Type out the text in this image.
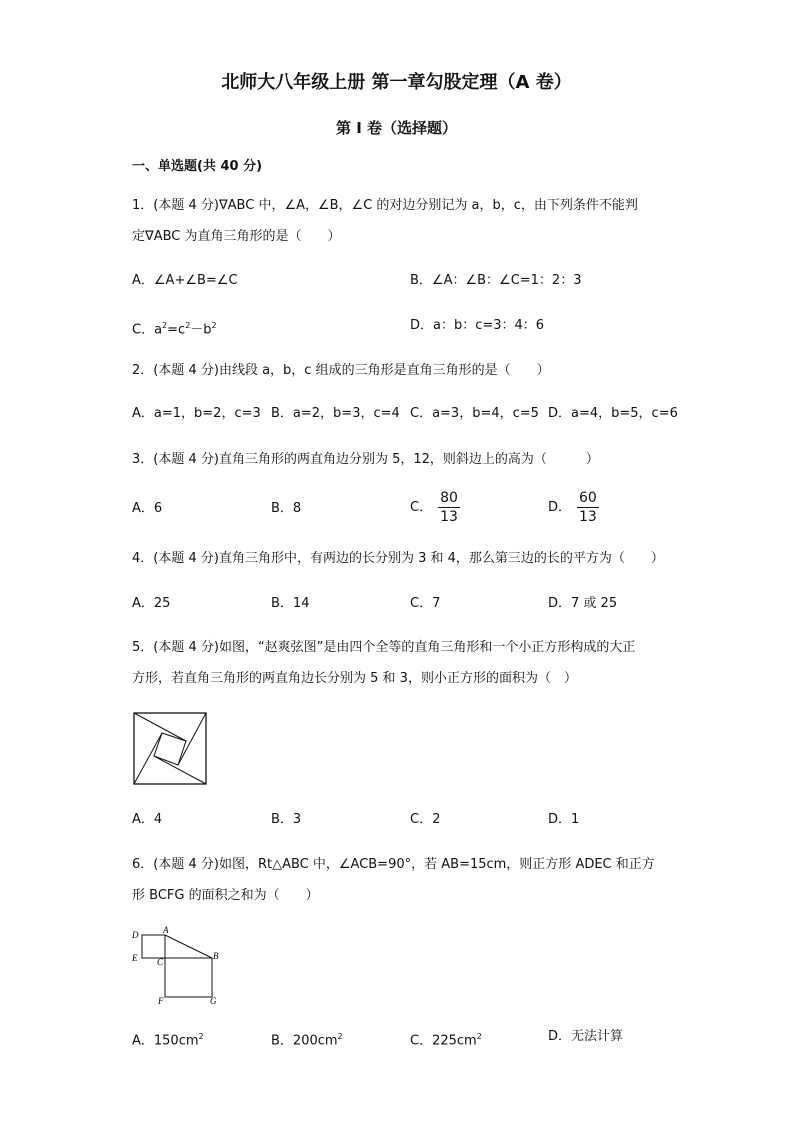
北师大八年级上册 第一章勾股定理（A 卷）
第 I 卷（选择题）
一、单选题(共 40 分)
1．(本题 4 分)∇ABC 中，∠A，∠B，∠C 的对边分别记为 a，b，c，由下列条件不能判
定∇ABC 为直角三角形的是（　　）
A．∠A+∠B=∠C	B．∠A：∠B：∠C=1：2：3
C．$a^2=c^2-b^2$	D．a：b：c=3：4：6
2．(本题 4 分)由线段 a，b，c 组成的三角形是直角三角形的是（　　）
A．a=1，b=2，c=3 B．a=2，b=3，c=4 C．a=3，b=4，c=5 D．a=4，b=5，c=6
3．(本题 4 分)直角三角形的两直角边分别为 5，12，则斜边上的高为（　　　）
A．6	B．8	C． $\frac{80}{13}$	D． $\frac{60}{13}$
4．(本题 4 分)直角三角形中，有两边的长分别为 3 和 4，那么第三边的长的平方为（　　）
A．25	B．14	C．7	D．7 或 25
5．(本题 4 分)如图，“赵爽弦图”是由四个全等的直角三角形和一个小正方形构成的大正
方形，若直角三角形的两直角边长分别为 5 和 3，则小正方形的面积为（　）
A．4	B．3	C．2	D．1
6．(本题 4 分)如图，Rt△ABC 中，∠ACB=90°，若 AB=15cm，则正方形 ADEC 和正方
形 BCFG 的面积之和为（　　）
D	A
E C
B
F	G
A．$150cm^2$	B．$200cm^2$	C．$225cm^2$	D．无法计算
